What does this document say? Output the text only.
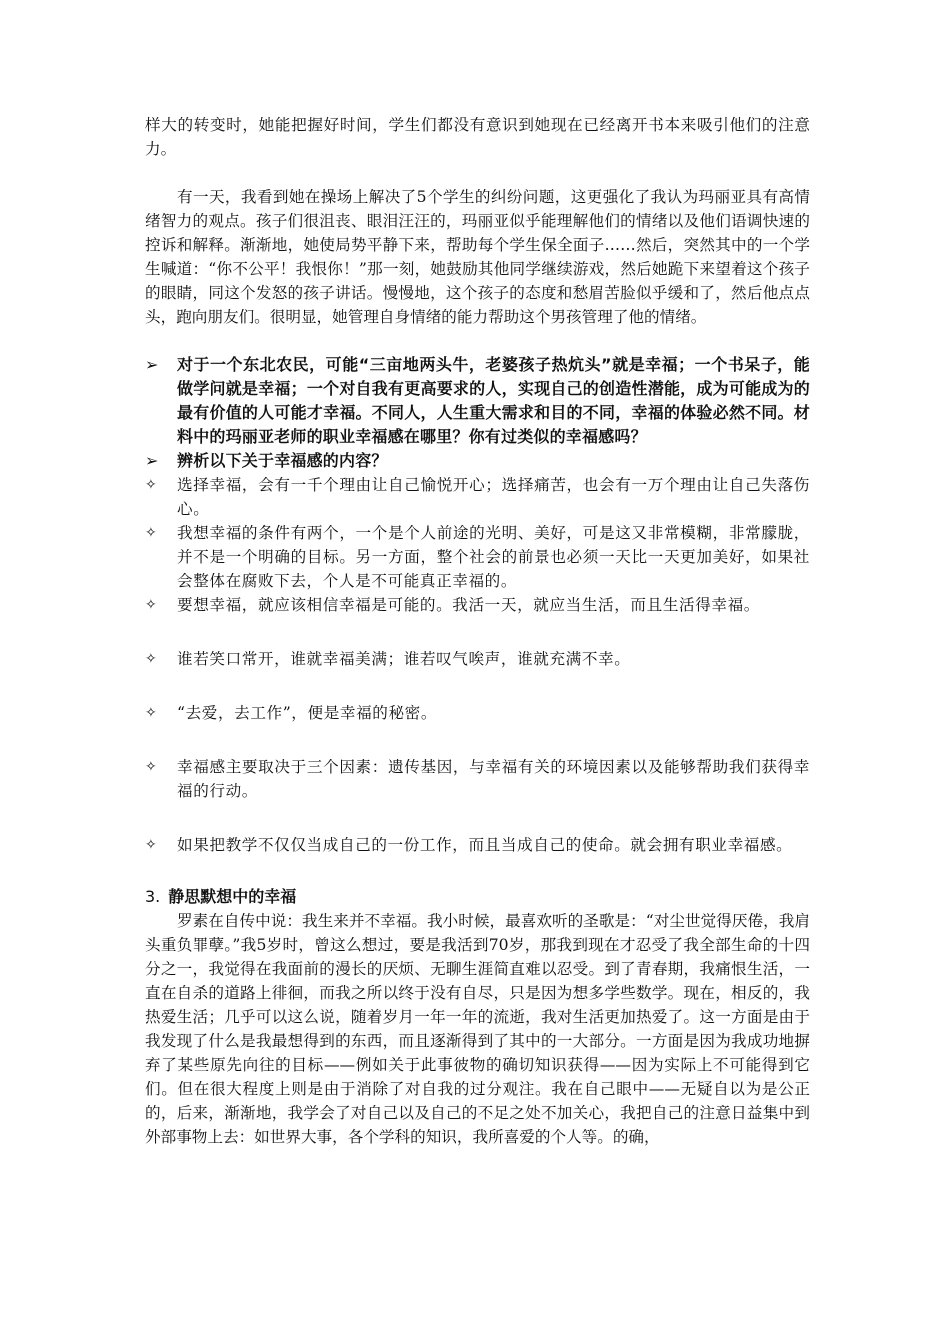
样大的转变时，她能把握好时间，学生们都没有意识到她现在已经离开书本来吸引他们的注意力。

有一天，我看到她在操场上解决了5个学生的纠纷问题，这更强化了我认为玛丽亚具有高情绪智力的观点。孩子们很沮丧、眼泪汪汪的，玛丽亚似乎能理解他们的情绪以及他们语调快速的控诉和解释。渐渐地，她使局势平静下来，帮助每个学生保全面子……然后，突然其中的一个学生喊道：“你不公平！我恨你！”那一刻，她鼓励其他同学继续游戏，然后她跪下来望着这个孩子的眼睛，同这个发怒的孩子讲话。慢慢地，这个孩子的态度和愁眉苦脸似乎缓和了，然后他点点头，跑向朋友们。很明显，她管理自身情绪的能力帮助这个男孩管理了他的情绪。

➢	对于一个东北农民，可能“三亩地两头牛，老婆孩子热炕头”就是幸福；一个书呆子，能做学问就是幸福；一个对自我有更高要求的人，实现自己的创造性潜能，成为可能成为的最有价值的人可能才幸福。不同人，人生重大需求和目的不同，幸福的体验必然不同。材料中的玛丽亚老师的职业幸福感在哪里？你有过类似的幸福感吗？
➢	辨析以下关于幸福感的内容？
✧	选择幸福，会有一千个理由让自己愉悦开心；选择痛苦，也会有一万个理由让自己失落伤心。
✧	我想幸福的条件有两个，一个是个人前途的光明、美好，可是这又非常模糊，非常朦胧，并不是一个明确的目标。另一方面，整个社会的前景也必须一天比一天更加美好，如果社会整体在腐败下去，个人是不可能真正幸福的。
✧	要想幸福，就应该相信幸福是可能的。我活一天，就应当生活，而且生活得幸福。
✧	谁若笑口常开，谁就幸福美满；谁若叹气唉声，谁就充满不幸。
✧	“去爱，去工作”，便是幸福的秘密。
✧	幸福感主要取决于三个因素：遗传基因，与幸福有关的环境因素以及能够帮助我们获得幸福的行动。
✧	如果把教学不仅仅当成自己的一份工作，而且当成自己的使命。就会拥有职业幸福感。
3. 静思默想中的幸福

罗素在自传中说：我生来并不幸福。我小时候，最喜欢听的圣歌是：“对尘世觉得厌倦，我肩头重负罪孽。”我5岁时，曾这么想过，要是我活到70岁，那我到现在才忍受了我全部生命的十四分之一，我觉得在我面前的漫长的厌烦、无聊生涯简直难以忍受。到了青春期，我痛恨生活，一直在自杀的道路上徘徊，而我之所以终于没有自尽，只是因为想多学些数学。现在，相反的，我热爱生活；几乎可以这么说，随着岁月一年一年的流逝，我对生活更加热爱了。这一方面是由于我发现了什么是我最想得到的东西，而且逐渐得到了其中的一大部分。一方面是因为我成功地摒弃了某些原先向往的目标——例如关于此事彼物的确切知识获得——因为实际上不可能得到它们。但在很大程度上则是由于消除了对自我的过分观注。我在自己眼中——无疑自以为是公正的，后来，渐渐地，我学会了对自己以及自己的不足之处不加关心，我把自己的注意日益集中到外部事物上去：如世界大事，各个学科的知识，我所喜爱的个人等。的确，
